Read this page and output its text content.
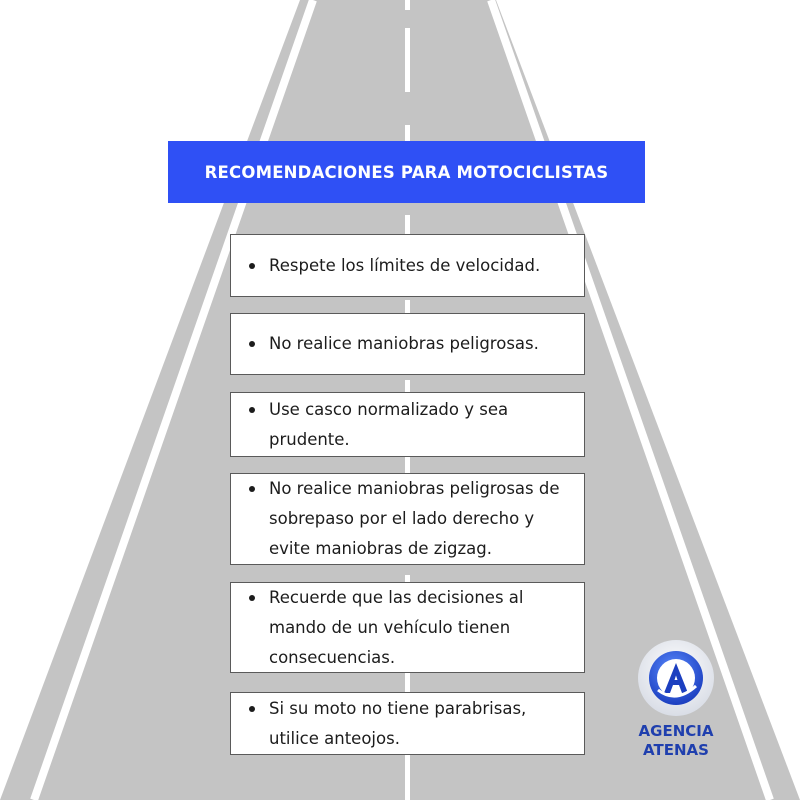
RECOMENDACIONES PARA MOTOCICLISTAS
Respete los límites de velocidad.
No realice maniobras peligrosas.
Use casco normalizado y sea prudente.
No realice maniobras peligrosas de sobrepaso por el lado derecho y evite maniobras de zigzag.
Recuerde que las decisiones al mando de un vehículo tienen consecuencias.
Si su moto no tiene parabrisas, utilice anteojos.	AGENCIA
ATENAS
